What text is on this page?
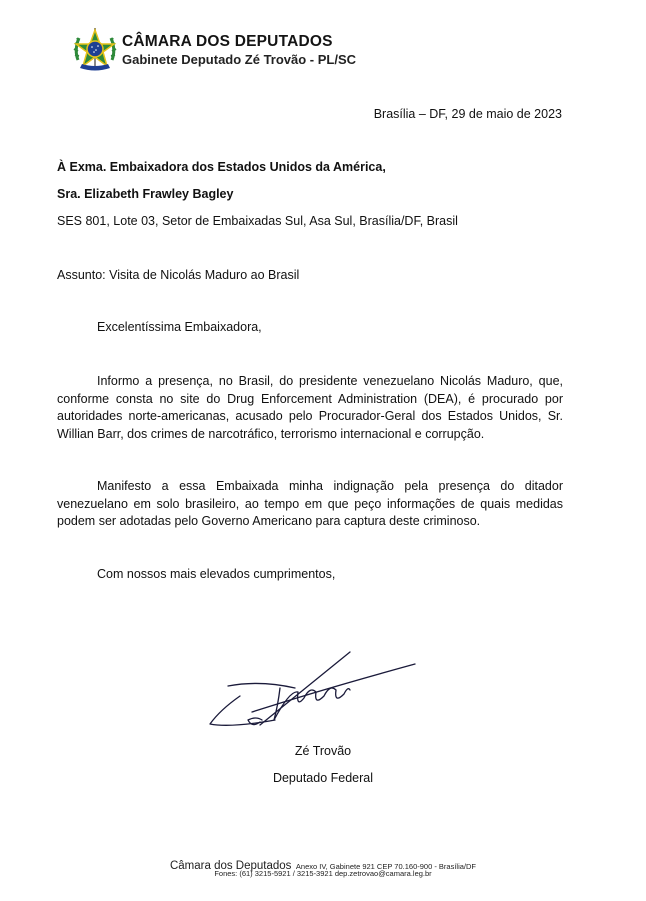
CÂMARA DOS DEPUTADOS
Gabinete Deputado Zé Trovão - PL/SC
Brasília – DF, 29 de maio de 2023
À Exma. Embaixadora dos Estados Unidos da América,
Sra. Elizabeth Frawley Bagley
SES 801, Lote 03, Setor de Embaixadas Sul, Asa Sul, Brasília/DF, Brasil
Assunto: Visita de Nicolás Maduro ao Brasil
Excelentíssima Embaixadora,

Informo a presença, no Brasil, do presidente venezuelano Nicolás Maduro, que, conforme consta no site do Drug Enforcement Administration (DEA), é procurado por autoridades norte-americanas, acusado pelo Procurador-Geral dos Estados Unidos, Sr. Willian Barr, dos crimes de narcotráfico, terrorismo internacional e corrupção.

Manifesto a essa Embaixada minha indignação pela presença do ditador venezuelano em solo brasileiro, ao tempo em que peço informações de quais medidas podem ser adotadas pelo Governo Americano para captura deste criminoso.

Com nossos mais elevados cumprimentos,
Zé Trovão
Deputado Federal
Câmara dos Deputados Anexo IV, Gabinete 921 CEP 70.160-900 - Brasília/DF
Fones: (61) 3215-5921 / 3215-3921 dep.zetrovao@camara.leg.br
